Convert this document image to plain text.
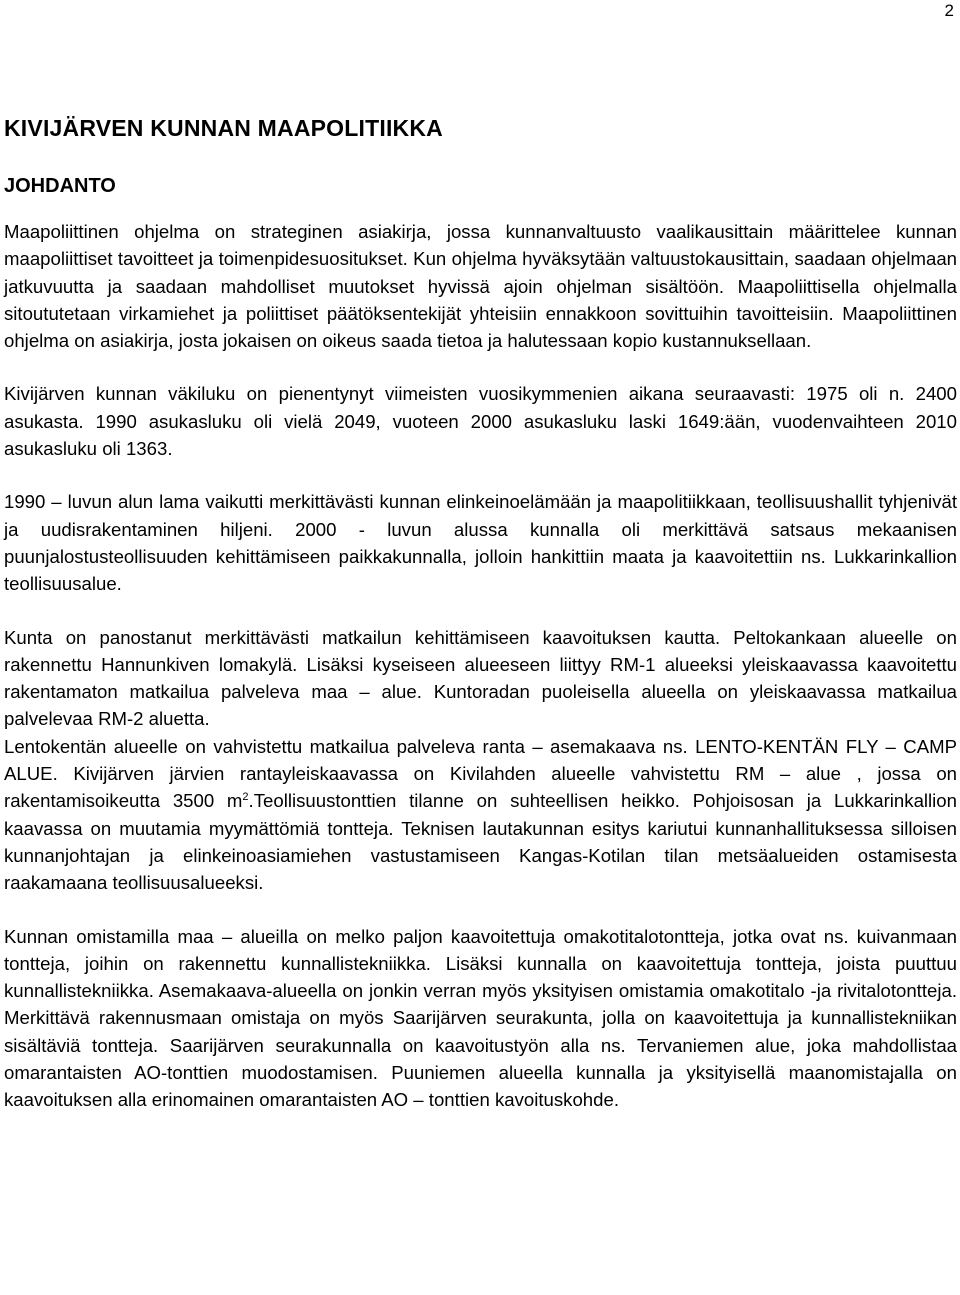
2
KIVIJÄRVEN KUNNAN MAAPOLITIIKKA
JOHDANTO

Maapoliittinen ohjelma on strateginen asiakirja, jossa kunnanvaltuusto vaalikausittain määrittelee kunnan maapoliittiset tavoitteet ja toimenpidesuositukset. Kun ohjelma hyväksytään valtuustokausittain, saadaan ohjelmaan jatkuvuutta ja saadaan mahdolliset muutokset hyvissä ajoin ohjelman sisältöön. Maapoliittisella ohjelmalla sitoututetaan virkamiehet ja poliittiset päätöksentekijät yhteisiin ennakkoon sovittuihin tavoitteisiin. Maapoliittinen ohjelma on asiakirja, josta jokaisen on oikeus saada tietoa ja halutessaan kopio kustannuksellaan.

Kivijärven kunnan väkiluku on pienentynyt viimeisten vuosikymmenien aikana seuraavasti: 1975 oli n. 2400 asukasta. 1990 asukasluku oli vielä 2049, vuoteen 2000 asukasluku laski 1649:ään, vuodenvaihteen 2010 asukasluku oli 1363.

1990 – luvun alun lama vaikutti merkittävästi kunnan elinkeinoelämään ja maapolitiikkaan, teollisuushallit tyhjenivät ja uudisrakentaminen hiljeni. 2000 - luvun alussa kunnalla oli merkittävä satsaus mekaanisen puunjalostusteollisuuden kehittämiseen paikkakunnalla, jolloin hankittiin maata ja kaavoitettiin ns. Lukkarinkallion teollisuusalue.

Kunta on panostanut merkittävästi matkailun kehittämiseen kaavoituksen kautta. Peltokankaan alueelle on rakennettu Hannunkiven lomakylä. Lisäksi kyseiseen alueeseen liittyy RM-1 alueeksi yleiskaavassa kaavoitettu rakentamaton matkailua palveleva maa – alue. Kuntoradan puoleisella alueella on yleiskaavassa matkailua palvelevaa RM-2 aluetta.
Lentokentän alueelle on vahvistettu matkailua palveleva ranta – asemakaava ns. LENTO-KENTÄN FLY – CAMP ALUE. Kivijärven järvien rantayleiskaavassa on Kivilahden alueelle vahvistettu RM – alue , jossa on rakentamisoikeutta 3500 $m^2.Teollisuustonttien$ tilanne on suhteellisen heikko. Pohjoisosan ja Lukkarinkallion kaavassa on muutamia myymättömiä tontteja. Teknisen lautakunnan esitys kariutui kunnanhallituksessa silloisen kunnanjohtajan ja elinkeinoasiamiehen vastustamiseen Kangas-Kotilan tilan metsäalueiden ostamisesta raakamaana teollisuusalueeksi.

Kunnan omistamilla maa – alueilla on melko paljon kaavoitettuja omakotitalotontteja, jotka ovat ns. kuivanmaan tontteja, joihin on rakennettu kunnallistekniikka. Lisäksi kunnalla on kaavoitettuja tontteja, joista puuttuu kunnallistekniikka. Asemakaava-alueella on jonkin verran myös yksityisen omistamia omakotitalo -ja rivitalotontteja. Merkittävä rakennusmaan omistaja on myös Saarijärven seurakunta, jolla on kaavoitettuja ja kunnallistekniikan sisältäviä tontteja. Saarijärven seurakunnalla on kaavoitustyön alla ns. Tervaniemen alue, joka mahdollistaa omarantaisten AO-tonttien muodostamisen. Puuniemen alueella kunnalla ja yksityisellä maanomistajalla on kaavoituksen alla erinomainen omarantaisten AO – tonttien kavoituskohde.
